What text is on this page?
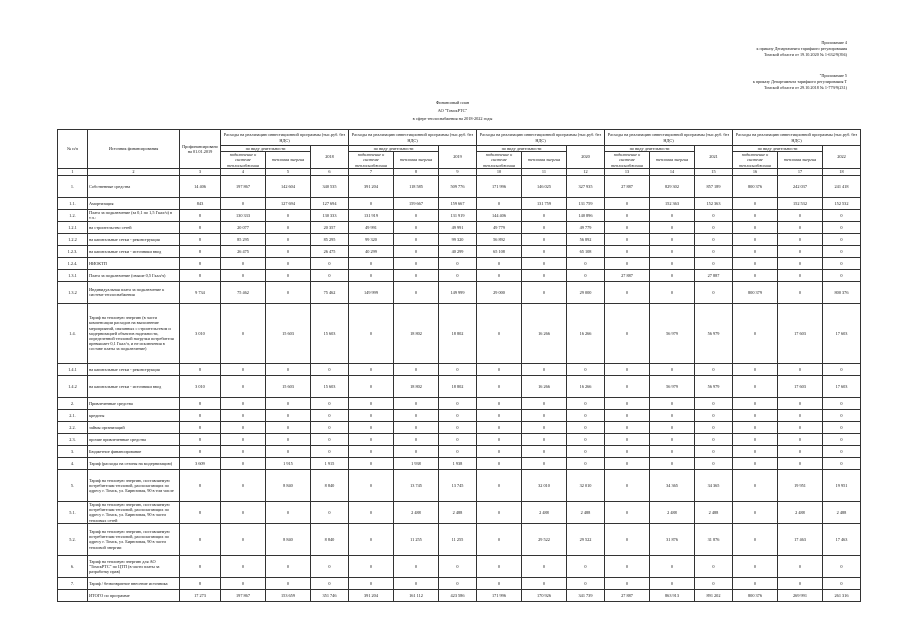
Приложение 4
к приказу Департамента тарифного регулирования
Томской области от 19.10.2020 № 1-632/9(394)
"Приложение 5
к приказу Департамента тарифного регулирования Т
Томской области от 29.10.2018 № 1-779/9(231)
Финансовый план
АО "ТомскРТС"
в сфере теплоснабжения на 2018-2022 годы
№ п/п	Источник финансирования	Профинансировано на 01.01.2019	Расходы на реализацию инвестиционной программы (тыс.руб. без НДС)			Расходы на реализацию инвестиционной программы (тыс.руб. без НДС)			Расходы на реализацию инвестиционной программы (тыс.руб. без НДС)			Расходы на реализацию инвестиционной программы (тыс.руб. без НДС)			Расходы на реализацию инвестиционной программы (тыс.руб. без НДС)		
			по виду деятельности		2018	по виду деятельности		2019	по виду деятельности		2020	по виду деятельности		2021	по виду деятельности		2022
			подключение к системе теплоснабжения	тепловая энергия		подключение к системе теплоснабжения	тепловая энергия		подключение к системе теплоснабжения	тепловая энергия		подключение к системе теплоснабжения	тепловая энергия		подключение к системе теплоснабжения	тепловая энергия	
1	2	3	4	5	6	7	8	9	10	11	12	13	14	15	16	17	18
1.	Собственные средства	14 406	197 867	142 604	340 535	391 204	118 585	509 776	171 996	146 025	327 935	27 887	829 302	857 189	800 376	242 037	241 418
1.1.	Амортизация	843	0	127 694	127 694	0	159 667	159 667	0	131 759	131 759	0	152 363	152 363	0	152 532	152 532
1.2.	Плата за подключение (за 0,1 по 1,5 Гкал/ч) в т.ч.:	8	130 333	0	130 333	131 919	0	131 919	144 406	0	140 896	0	0	0	0	0	0
1.2.1	на строительство сетей	8	20 077	0	20 357	49 991	0	49 991	49 779	0	49 779	0	0	0	0	0	0
1.2.2	на капитальные сетки - реконструкция	8	85 295	0	85 295	99 320	0	99 320	56 892	0	56 892	0	0	0	0	0	0
1.2.3.	на капитальные сетки - источники ввод	8	26 475	0	26 475	40 299	0	40 299	65 108	0	65 108	0	0	0	0	0	0
1.2.4.	НИОКТП	8	0	0	0	0	0	0	0	0	0	0	0	0	0	0	0
1.3.1	Плата за подключение (свыше 0,5 Гкал/ч)	8	0	0	0	0	0	0	0	0	0	27 887	0	27 887	0	0	0
1.3.2	Индивидуальная плата за подключение к системе теплоснабжения	9 734	75 462	0	75 462	149 999	0	149 999	29 000	0	29 000	0	0	0	800 379	0	800 376
1.4.	Тариф на тепловую энергию (в части компенсации расходов на выполнение мероприятий, связанных с строительством и модернизацией объектов надежности, определенной тепловой нагрузки потребителя превышает 0,1 Гкал/ч, и не исключения в составе платы за подключение)	3 010	0	15 603	15 603	0	18 802	18 802	0	16 266	16 266	0	56 979	56 979	0	17 603	17 603
1.4.1	на капитальные сетки - реконструкция	8	0	0	0	0	0	0	0	0	0	0	0	0	0	0	0
1.4.2	на капитальные сетки - источники ввод	3 010	0	15 603	15 603	0	18 802	18 802	0	16 266	16 266	0	56 979	56 979	0	17 603	17 603
2.	Привлеченные средства	8	0	0	0	0	0	0	0	0	0	0	0	0	0	0	0
2.1.	кредиты	8	0	0	0	0	0	0	0	0	0	0	0	0	0	0	0
2.2.	займы организаций	8	0	0	0	0	0	0	0	0	0	0	0	0	0	0	0
2.3.	прочие привлеченные средства	8	0	0	0	0	0	0	0	0	0	0	0	0	0	0	0
3.	Бюджетное финансирование	8	0	0	0	0	0	0	0	0	0	0	0	0	0	0	0
4.	Тариф (расходы на сезоны на модернизацию)	3 609	0	1 915	1 915	0	1 938	1 938	0	0	0	0	0	0	0	0	0
5.	Тариф на тепловую энергию, поставляемую потребителям тепловой, располагающих по адресу г. Томск, ул. Бирюзовая, 90 в том числе	8	0	8 840	8 840	0	13 745	13 745	0	32 010	32 010	0	34 365	34 365	0	19 951	19 951
5.1.	Тариф на тепловую энергию, поставляемую потребителям тепловой, располагающих по адресу г. Томск, ул. Бирюзовая, 90 в части тепловых сетей	8	0	0	0	0	2 488	2 488	0	2 488	2 488	0	2 488	2 488	0	2 488	2 488
5.2.	Тариф на тепловую энергию, поставляемую потребителям тепловой, располагающих по адресу г. Томск, ул. Бирюзовая, 90 в части тепловой энергии	8	0	8 840	8 840	0	11 255	11 255	0	29 522	29 522	0	31 876	31 876	0	17 463	17 463
6.	Тариф на тепловую энергию для АО "ТомскРТС" по ЦТП (в части платы за разработку прав)	8	0	0	0	0	0	0	0	0	0	0	0	0	0	0	0
7.	Тариф / безвозвратное внесение источника	8	0	0	0	0	0	0	0	0	0	0	0	0	0	0	0
	ИТОГО по программе	17 273	197 867	153 659	351 746	391 204	161 112	423 586	171 996	170 926	341 739	27 887	863 913	891 202	800 376	269 991	261 316
